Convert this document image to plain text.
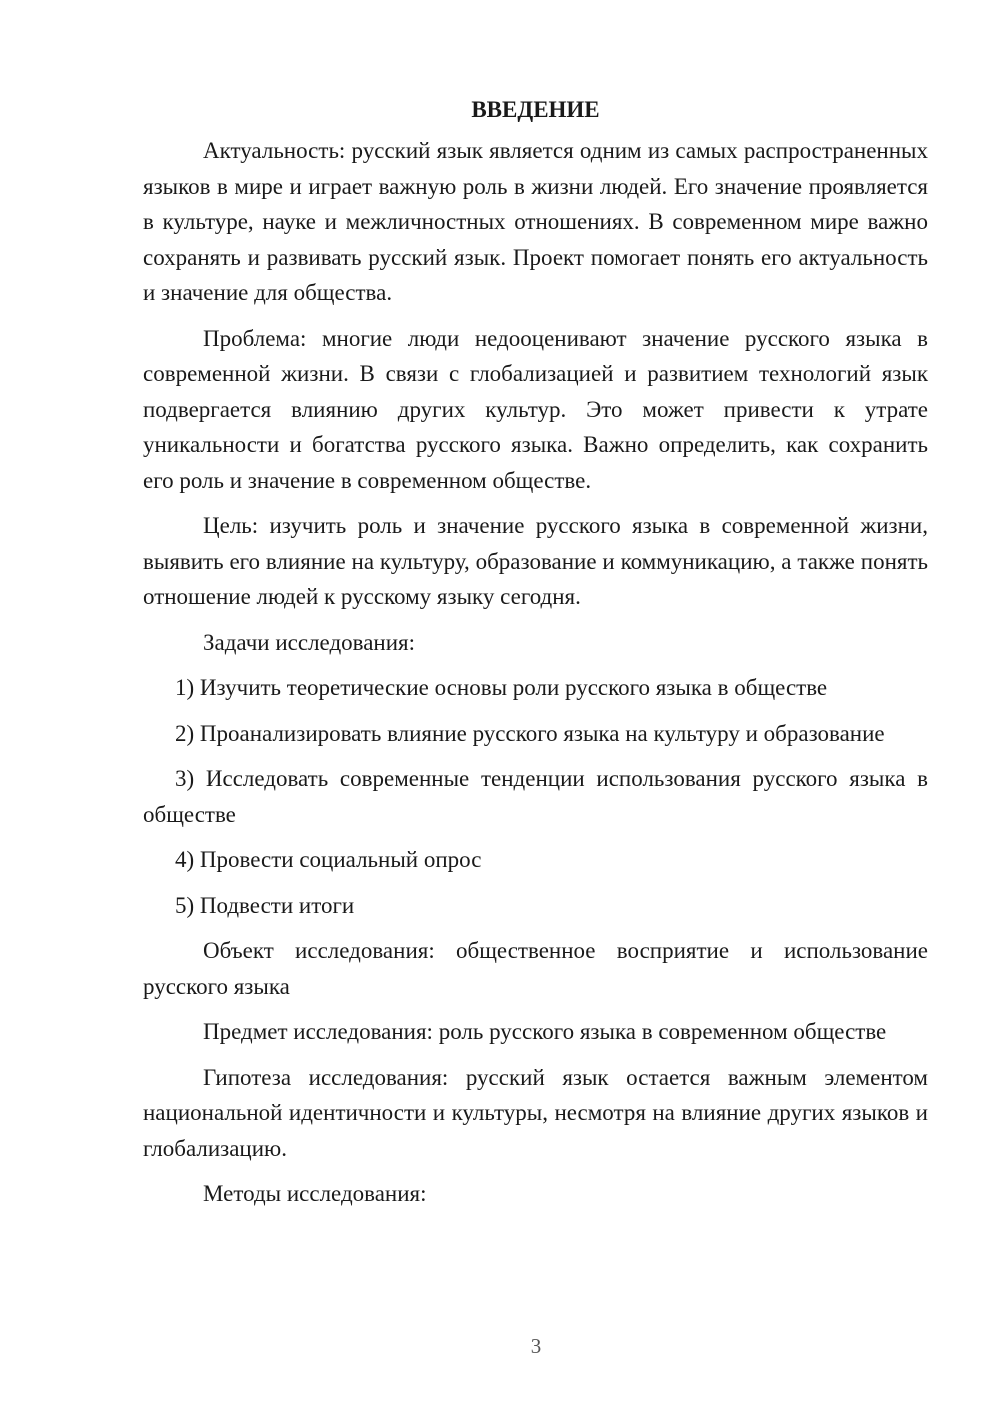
ВВЕДЕНИЕ

Актуальность: русский язык является одним из самых распространенных языков в мире и играет важную роль в жизни людей. Его значение проявляется в культуре, науке и межличностных отношениях. В современном мире важно сохранять и развивать русский язык. Проект помогает понять его актуальность и значение для общества.

Проблема: многие люди недооценивают значение русского языка в современной жизни. В связи с глобализацией и развитием технологий язык подвергается влиянию других культур. Это может привести к утрате уникальности и богатства русского языка. Важно определить, как сохранить его роль и значение в современном обществе.

Цель: изучить роль и значение русского языка в современной жизни, выявить его влияние на культуру, образование и коммуникацию, а также понять отношение людей к русскому языку сегодня.

Задачи исследования:

1) Изучить теоретические основы роли русского языка в обществе

2) Проанализировать влияние русского языка на культуру и образование

3) Исследовать современные тенденции использования русского языка в обществе

4) Провести социальный опрос

5) Подвести итоги

Объект исследования: общественное восприятие и использование русского языка

Предмет исследования: роль русского языка в современном обществе

Гипотеза исследования: русский язык остается важным элементом национальной идентичности и культуры, несмотря на влияние других языков и глобализацию.

Методы исследования:

3
